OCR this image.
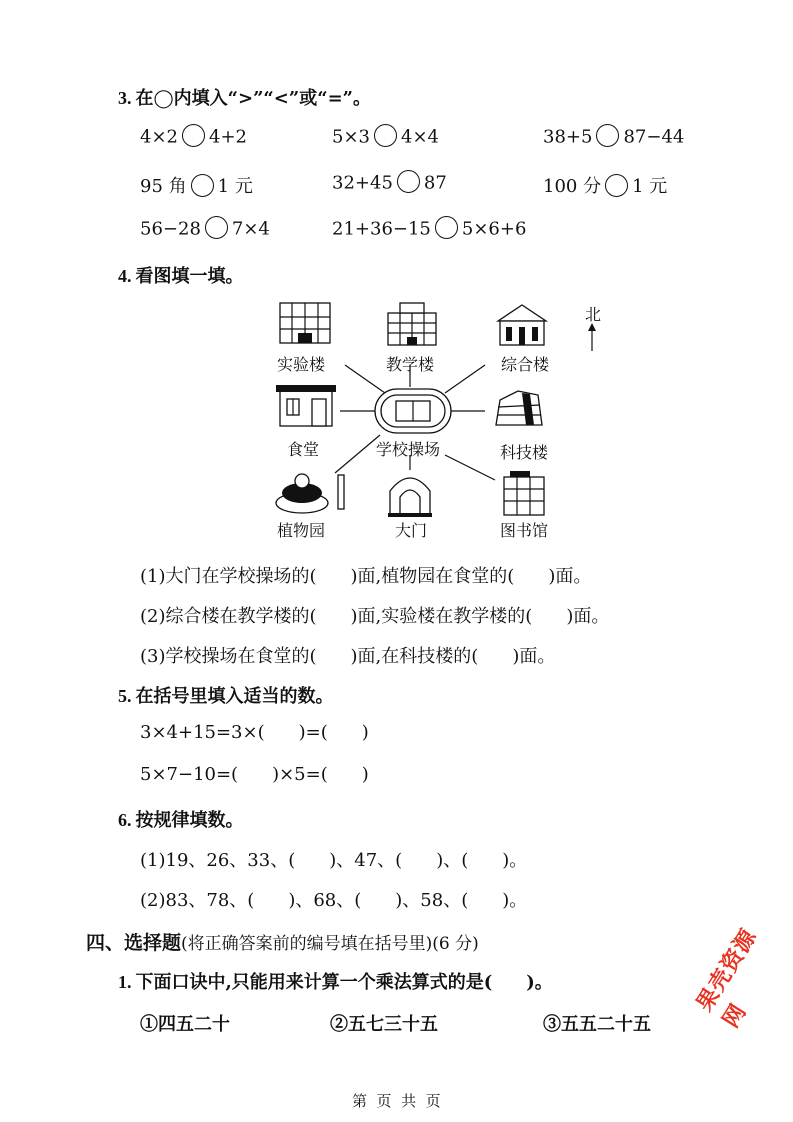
3. 在◯内填入“>”“<”或“=”。
4×2 4+2	5×3 4×4	38+5 87−44
95 角 1 元	32+45 87	100 分 1 元
56−28 7×4	21+36−15 5×6+6
4. 看图填一填。
北
实验楼	教学楼	综合楼
食堂	学校操场	科技楼
植物园	大门	图书馆
(1)大门在学校操场的( )面,植物园在食堂的( )面。
(2)综合楼在教学楼的( )面,实验楼在教学楼的( )面。
(3)学校操场在食堂的( )面,在科技楼的( )面。
5. 在括号里填入适当的数。
3×4+15=3×( )=( )
5×7−10=( )×5=( )
6. 按规律填数。
(1)19、26、33、( )、47、( )、( )。
(2)83、78、( )、68、( )、58、( )。
四、选择题(将正确答案前的编号填在括号里)(6 分)
1. 下面口诀中,只能用来计算一个乘法算式的是( )。
①四五二十	②五七三十五	③五五二十五
果壳资源网
第  页  共  页
